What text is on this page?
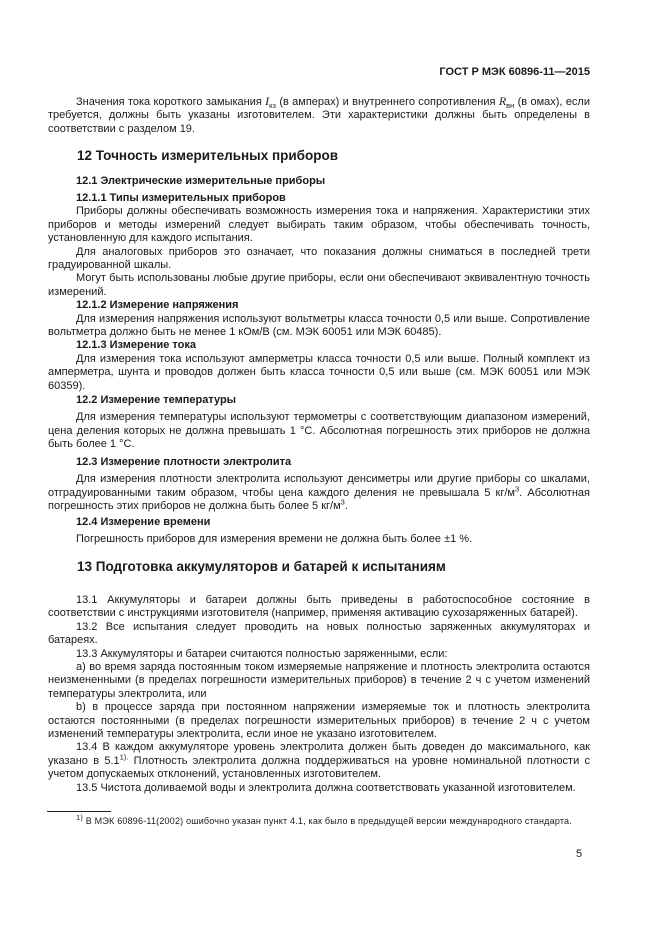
ГОСТ Р МЭК 60896-11—2015

Значения тока короткого замыкания $I_{кз}$ (в амперах) и внутреннего сопротивления $R_{вн}$ (в омах), если требуется, должны быть указаны изготовителем. Эти характеристики должны быть определены в соответствии с разделом 19.

12 Точность измерительных приборов

12.1 Электрические измерительные приборы

12.1.1 Типы измерительных приборов

Приборы должны обеспечивать возможность измерения тока и напряжения. Характеристики этих приборов и методы измерений следует выбирать таким образом, чтобы обеспечивать точность, установленную для каждого испытания.

Для аналоговых приборов это означает, что показания должны сниматься в последней трети градуированной шкалы.

Могут быть использованы любые другие приборы, если они обеспечивают эквивалентную точность измерений.

12.1.2 Измерение напряжения

Для измерения напряжения используют вольтметры класса точности 0,5 или выше. Сопротивление вольтметра должно быть не менее 1 кОм/В (см. МЭК 60051 или МЭК 60485).

12.1.3 Измерение тока

Для измерения тока используют амперметры класса точности 0,5 или выше. Полный комплект из амперметра, шунта и проводов должен быть класса точности 0,5 или выше (см. МЭК 60051 или МЭК 60359).

12.2 Измерение температуры

Для измерения температуры используют термометры с соответствующим диапазоном измерений, цена деления которых не должна превышать 1 °С. Абсолютная погрешность этих приборов не должна быть более 1 °С.

12.3 Измерение плотности электролита

Для измерения плотности электролита используют денсиметры или другие приборы со шкалами, отградуированными таким образом, чтобы цена каждого деления не превышала 5 $кг/м^3$. Абсолютная погрешность этих приборов не должна быть более 5 $кг/м^3$.

12.4 Измерение времени

Погрешность приборов для измерения времени не должна быть более ±1 %.

13 Подготовка аккумуляторов и батарей к испытаниям

13.1 Аккумуляторы и батареи должны быть приведены в работоспособное состояние в соответствии с инструкциями изготовителя (например, применяя активацию сухозаряженных батарей).

13.2 Все испытания следует проводить на новых полностью заряженных аккумуляторах и батареях.

13.3 Аккумуляторы и батареи считаются полностью заряженными, если:

a) во время заряда постоянным током измеряемые напряжение и плотность электролита остаются неизмененными (в пределах погрешности измерительных приборов) в течение 2 ч с учетом изменений температуры электролита, или

b) в процессе заряда при постоянном напряжении измеряемые ток и плотность электролита остаются постоянными (в пределах погрешности измерительных приборов) в течение 2 ч с учетом изменений температуры электролита, если иное не указано изготовителем.

13.4 В каждом аккумуляторе уровень электролита должен быть доведен до максимального, как указано в $5.1^{1).}$ Плотность электролита должна поддерживаться на уровне номинальной плотности с учетом допускаемых отклонений, установленных изготовителем.

13.5 Чистота доливаемой воды и электролита должна соответствовать указанной изготовителем.

$^{1)}$ В МЭК 60896-11(2002) ошибочно указан пункт 4.1, как было в предыдущей версии международного стандарта.
5
